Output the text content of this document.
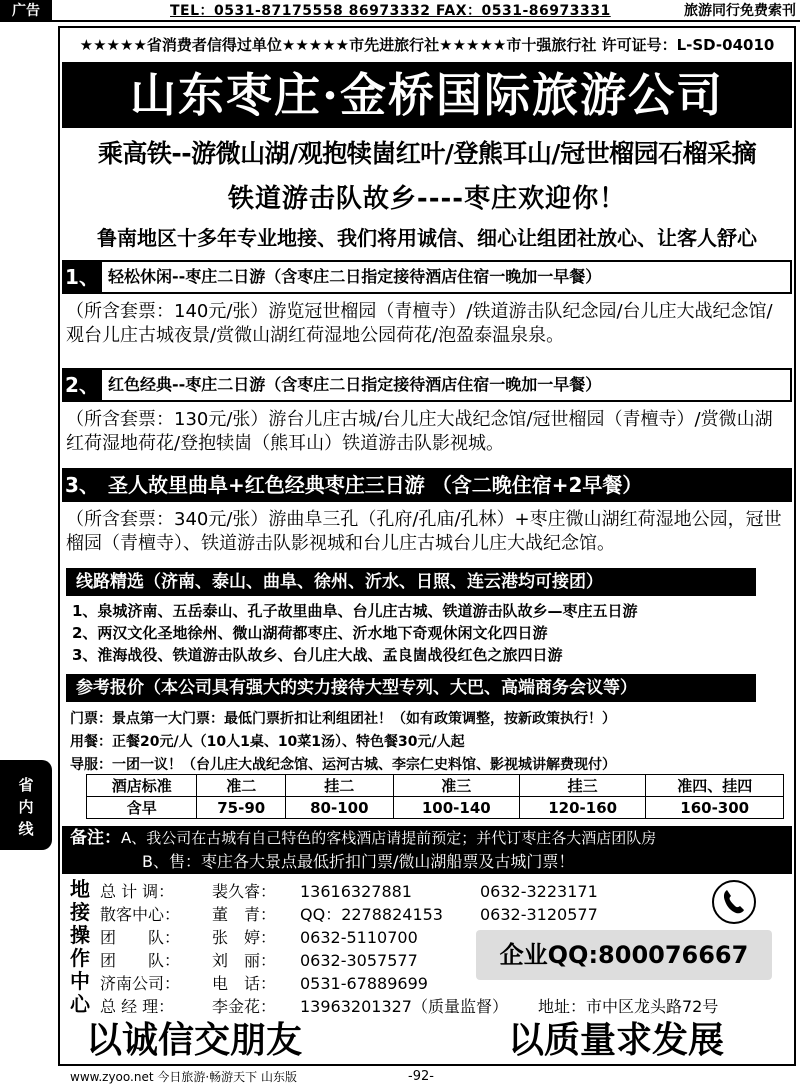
广告	TEL：0531-87175558 86973332 FAX：0531-86973331	旅游同行免费索刊
★★★★★省消费者信得过单位★★★★★市先进旅行社★★★★★市十强旅行社 许可证号：L-SD-04010
山东枣庄·金桥国际旅游公司
乘高铁--游微山湖/观抱犊崮红叶/登熊耳山/冠世榴园石榴采摘
铁道游击队故乡----枣庄欢迎你！
鲁南地区十多年专业地接、我们将用诚信、细心让组团社放心、让客人舒心
1、 轻松休闲--枣庄二日游（含枣庄二日指定接待酒店住宿一晚加一早餐）
（所含套票：140元/张）游览冠世榴园（青檀寺）/铁道游击队纪念园/台儿庄大战纪念馆/观台儿庄古城夜景/赏微山湖红荷湿地公园荷花/泡盈泰温泉泉。
2、 红色经典--枣庄二日游（含枣庄二日指定接待酒店住宿一晚加一早餐）
（所含套票：130元/张）游台儿庄古城/台儿庄大战纪念馆/冠世榴园（青檀寺）/赏微山湖红荷湿地荷花/登抱犊崮（熊耳山）铁道游击队影视城。
3、 圣人故里曲阜+红色经典枣庄三日游 （含二晚住宿+2早餐）
（所含套票：340元/张）游曲阜三孔（孔府/孔庙/孔林）+枣庄微山湖红荷湿地公园，冠世榴园（青檀寺）、铁道游击队影视城和台儿庄古城台儿庄大战纪念馆。
线路精选（济南、泰山、曲阜、徐州、沂水、日照、连云港均可接团）
1、泉城济南、五岳泰山、孔子故里曲阜、台儿庄古城、铁道游击队故乡—枣庄五日游
2、两汉文化圣地徐州、微山湖荷都枣庄、沂水地下奇观休闲文化四日游
3、淮海战役、铁道游击队故乡、台儿庄大战、孟良崮战役红色之旅四日游
参考报价（本公司具有强大的实力接待大型专列、大巴、高端商务会议等）
门票：景点第一大门票：最低门票折扣让利组团社！（如有政策调整，按新政策执行！）
用餐：正餐20元/人（10人1桌、10菜1汤）、特色餐30元/人起
导服：一团一议！（台儿庄大战纪念馆、运河古城、李宗仁史料馆、影视城讲解费现付）
酒店标准	准二	挂二	准三	挂三	准四、挂四
含早	75-90	80-100	100-140	120-160	160-300
备注：A、我公司在古城有自己特色的客栈酒店请提前预定；并代订枣庄各大酒店团队房
B、售：枣庄各大景点最低折扣门票/微山湖船票及古城门票！
地
接
操
作
中
心
总 计 调：	裴久睿： 13616327881	0632-3223171
散客中心：	董　青： QQ：2278824153 0632-3120577
团　　队：	张　婷： 0632-5110700
团　　队：	刘　丽： 0632-3057577
济南公司：	电　话： 0531-67889699
总 经 理：	李金花： 13963201327（质量监督） 地址：市中区龙头路72号
企业QQ:800076667
以诚信交朋友	以质量求发展
省
内
线
www.zyoo.net 今日旅游·畅游天下 山东版	-92-
